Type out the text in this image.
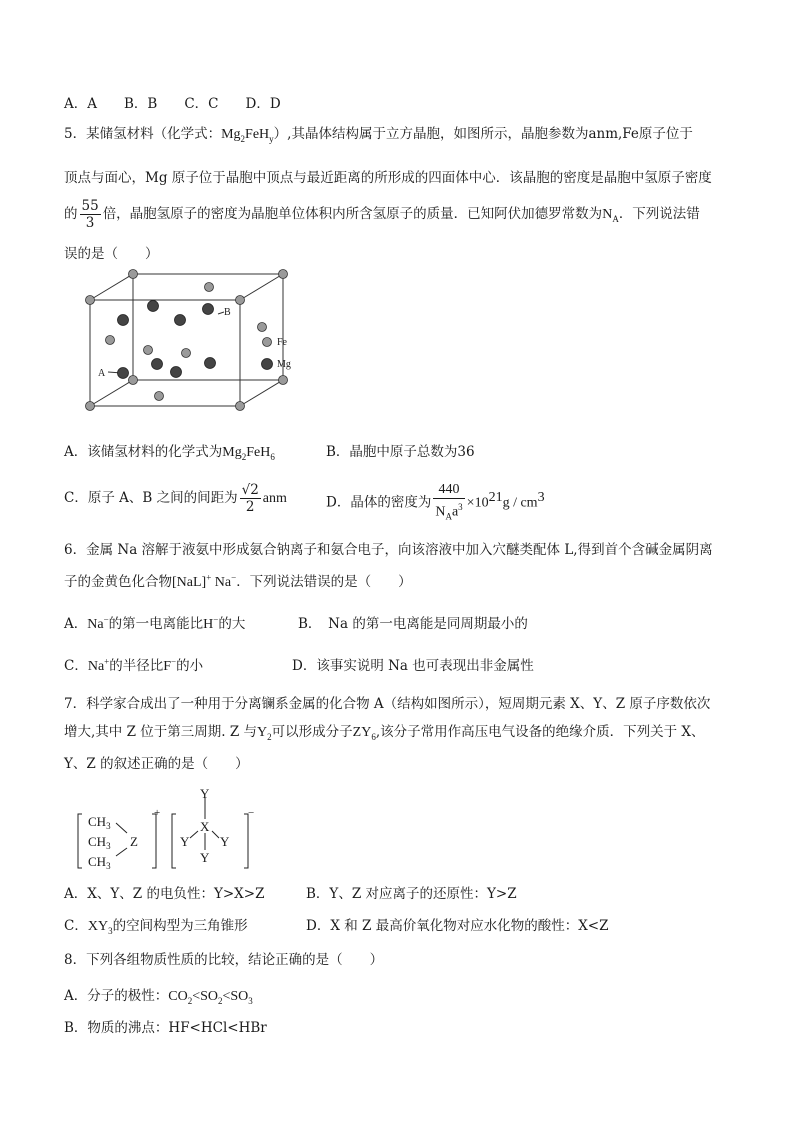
A．A　　B．B　　C．C　　D．D
5．某储氢材料（化学式：$Mg_2FeH_y$）,其晶体结构属于立方晶胞，如图所示，晶胞参数为anm,Fe原子位于
顶点与面心，Mg 原子位于晶胞中顶点与最近距离的所形成的四面体中心．该晶胞的密度是晶胞中氢原子密度
的 $\frac{55}{3}$ 倍，晶胞氢原子的密度为晶胞单位体积内所含氢原子的质量．已知阿伏加德罗常数为$N_A$．下列说法错
误的是（　　）
B
A
Fe
Mg
A．该储氢材料的化学式为$Mg_2FeH_6$	B．晶胞中原子总数为36
C．原子 A、B 之间的间距为 $\frac{√2}{2}$ anm	D．晶体的密度为 $\frac{440}{N_Aa^3} \times 10^{21}g / cm^3$
6．金属 Na 溶解于液氨中形成氨合钠离子和氨合电子，向该溶液中加入穴醚类配体 L,得到首个含碱金属阴离
子的金黄色化合物[NaL]+ Na−．下列说法错误的是（　　）
A．Na−的第一电离能比H−的大	B．　Na 的第一电离能是同周期最小的
C．Na+的半径比F−的小	D．该事实说明 Na 也可表现出非金属性
7．科学家合成出了一种用于分离镧系金属的化合物 A（结构如图所示），短周期元素 X、Y、Z 原子序数依次
增大,其中 Z 位于第三周期. Z 与$Y_2$可以形成分子$ZY_6$,该分子常用作高压电气设备的绝缘介质．下列关于 X、
Y、Z 的叙述正确的是（　　）
$CH_3$
$CH_3$
$CH_3$
Z
+
Y
X
Y Y
Y
−
A．X、Y、Z 的电负性：Y>X>Z	B．Y、Z 对应离子的还原性：Y>Z
C．$XY_3$的空间构型为三角锥形	D．X 和 Z 最高价氧化物对应水化物的酸性：X<Z
8．下列各组物质性质的比较，结论正确的是（　　）
A．分子的极性：$CO_2<SO_2<SO_3$
B．物质的沸点：HF<HCl<HBr
